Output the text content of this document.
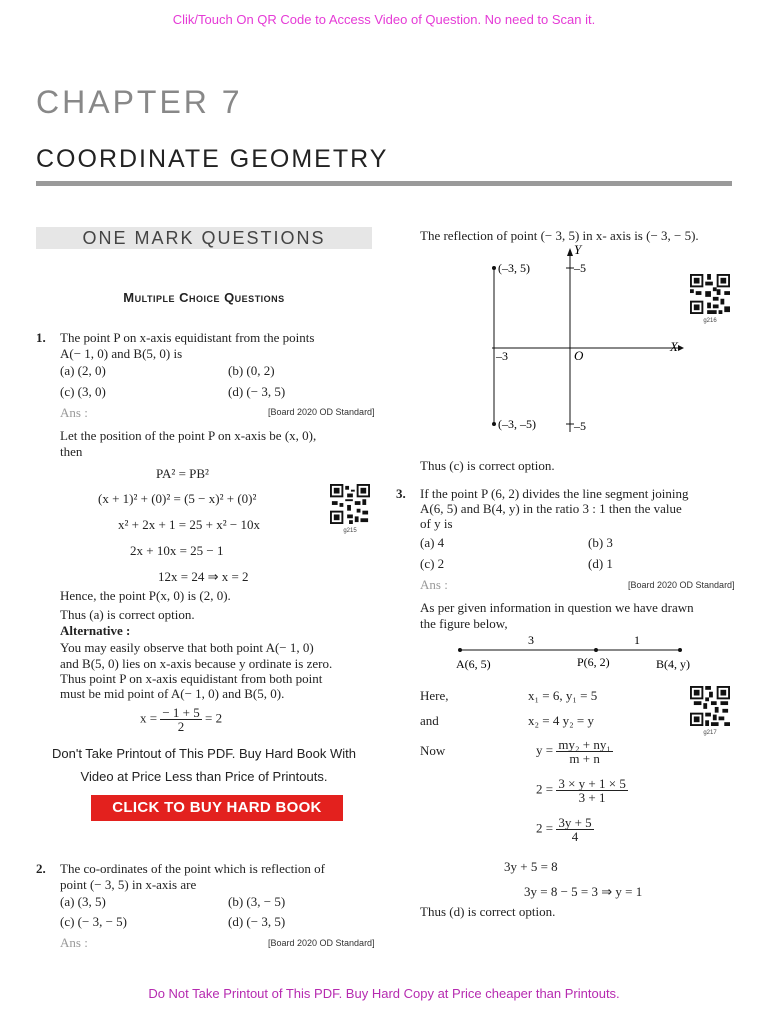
Clik/Touch On QR Code to Access Video of Question. No need to Scan it.
CHAPTER 7
COORDINATE GEOMETRY
ONE MARK QUESTIONS
Multiple Choice Questions
1. The point P on x-axis equidistant from the points
A(− 1, 0) and B(5, 0) is
(a) (2, 0)	(b) (0, 2)
(c) (3, 0)	(d) (− 3, 5)
Ans :	[Board 2020 OD Standard]
Let the position of the point P on x-axis be (x, 0),
then
PA² = PB²
(x + 1)² + (0)² = (5 − x)² + (0)²
x² + 2x + 1 = 25 + x² − 10x
2x + 10x = 25 − 1
12x = 24 ⇒ x = 2
g215
Hence, the point P(x, 0) is (2, 0).
Thus (a) is correct option.
Alternative :
You may easily observe that both point A(− 1, 0)
and B(5, 0) lies on x-axis because y ordinate is zero.
Thus point P on x-axis equidistant from both point
must be mid point of A(− 1, 0) and B(5, 0).
$x = \frac{- 1 + 5}{2} = 2$
Don't Take Printout of This PDF. Buy Hard Book With
Video at Price Less than Price of Printouts.
CLICK TO BUY HARD BOOK
2. The co-ordinates of the point which is reflection of
point (− 3, 5) in x-axis are
(a) (3, 5)	(b) (3, − 5)
(c) (− 3, − 5)	(d) (− 3, 5)
Ans :	[Board 2020 OD Standard]
The reflection of point (− 3, 5) in x- axis is (− 3, − 5).
Y
X
O
(–3, 5)
(–3, –5)
–5
–5
–3
g216
Thus (c) is correct option.
3. If the point P (6, 2) divides the line segment joining
A(6, 5) and B(4, y) in the ratio 3 : 1 then the value
of y is
(a) 4	(b) 3
(c) 2	(d) 1
Ans :	[Board 2020 OD Standard]
As per given information in question we have drawn
the figure below,
3	1
A(6, 5)	P(6, 2)	B(4, y)
Here,	x₁ = 6, y₁ = 5
and	x₂ = 4 y₂ = y
g217
Now	$y = \frac{\text{my₂ + ny₁}}{m + n}$
$2 = \frac{3 \times y + 1 \times 5}{3 + 1}$
$2 = \frac{3y + 5}{4}$
3y + 5 = 8
3y = 8 − 5 = 3 ⇒ y = 1
Thus (d) is correct option.
Do Not Take Printout of This PDF. Buy Hard Copy at Price cheaper than Printouts.
